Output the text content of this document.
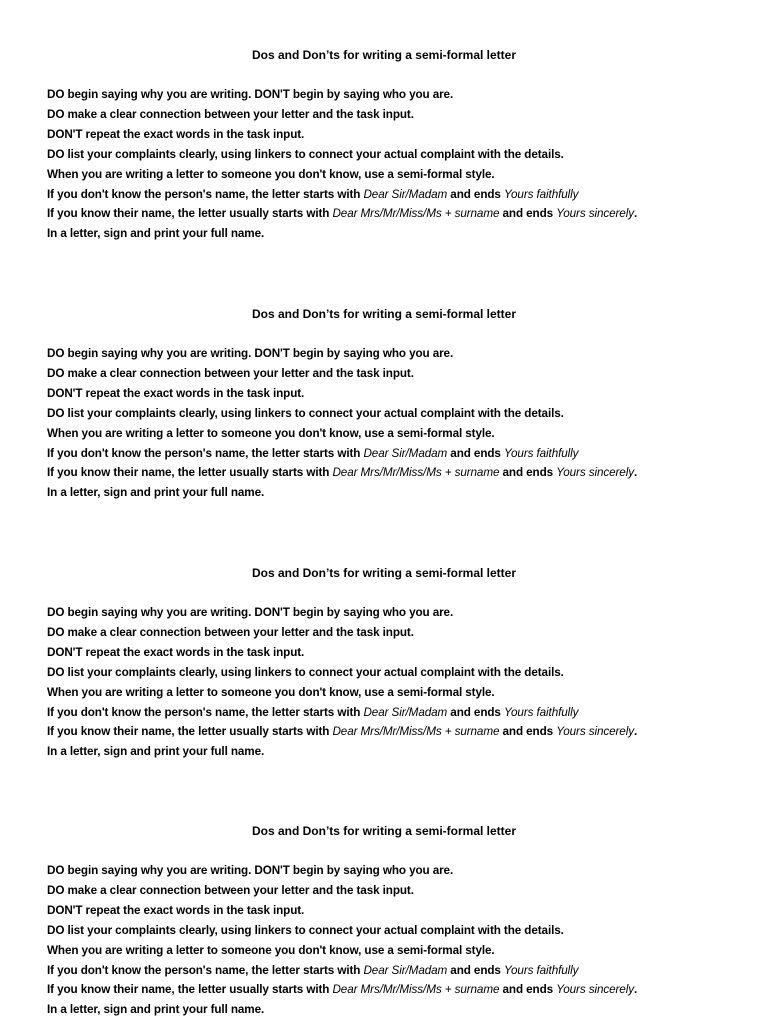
Dos and Don’ts for writing a semi-formal letter
DO begin saying why you are writing. DON'T begin by saying who you are.
DO make a clear connection between your letter and the task input.
DON'T repeat the exact words in the task input.
DO list your complaints clearly, using linkers to connect your actual complaint with the details.
When you are writing a letter to someone you don't know, use a semi-formal style.
If you don't know the person's name, the letter starts with Dear Sir/Madam and ends Yours faithfully
If you know their name, the letter usually starts with Dear Mrs/Mr/Miss/Ms + surname and ends Yours sincerely.
In a letter, sign and print your full name.
Dos and Don’ts for writing a semi-formal letter
DO begin saying why you are writing. DON'T begin by saying who you are.
DO make a clear connection between your letter and the task input.
DON'T repeat the exact words in the task input.
DO list your complaints clearly, using linkers to connect your actual complaint with the details.
When you are writing a letter to someone you don't know, use a semi-formal style.
If you don't know the person's name, the letter starts with Dear Sir/Madam and ends Yours faithfully
If you know their name, the letter usually starts with Dear Mrs/Mr/Miss/Ms + surname and ends Yours sincerely.
In a letter, sign and print your full name.
Dos and Don’ts for writing a semi-formal letter
DO begin saying why you are writing. DON'T begin by saying who you are.
DO make a clear connection between your letter and the task input.
DON'T repeat the exact words in the task input.
DO list your complaints clearly, using linkers to connect your actual complaint with the details.
When you are writing a letter to someone you don't know, use a semi-formal style.
If you don't know the person's name, the letter starts with Dear Sir/Madam and ends Yours faithfully
If you know their name, the letter usually starts with Dear Mrs/Mr/Miss/Ms + surname and ends Yours sincerely.
In a letter, sign and print your full name.
Dos and Don’ts for writing a semi-formal letter
DO begin saying why you are writing. DON'T begin by saying who you are.
DO make a clear connection between your letter and the task input.
DON'T repeat the exact words in the task input.
DO list your complaints clearly, using linkers to connect your actual complaint with the details.
When you are writing a letter to someone you don't know, use a semi-formal style.
If you don't know the person's name, the letter starts with Dear Sir/Madam and ends Yours faithfully
If you know their name, the letter usually starts with Dear Mrs/Mr/Miss/Ms + surname and ends Yours sincerely.
In a letter, sign and print your full name.
